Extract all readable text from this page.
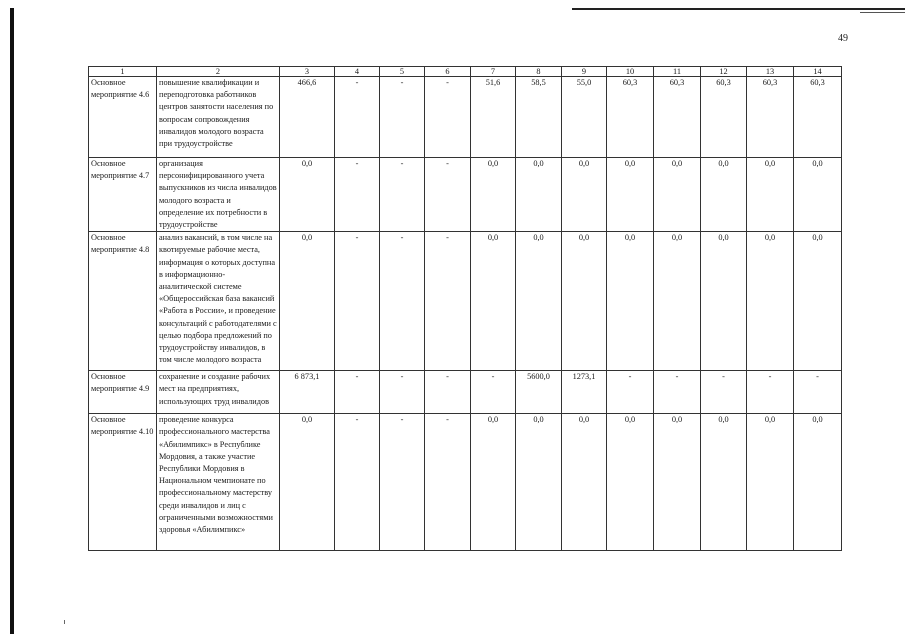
49
1	2	3	4	5	6	7	8	9	10	11	12	13	14
Основное мероприятие 4.6	повышение квалификации и переподготовка работников центров занятости населения по вопросам сопровождения инвалидов молодого возраста при трудоустройстве	466,6	-	-	-	51,6	58,5	55,0	60,3	60,3	60,3	60,3	60,3
Основное мероприятие 4.7	организация персонифицированного учета выпускников из числа инвалидов молодого возраста и определение их потребности в трудоустройстве	0,0	-	-	-	0,0	0,0	0,0	0,0	0,0	0,0	0,0	0,0
Основное мероприятие 4.8	анализ вакансий, в том числе на квотируемые рабочие места, информация о которых доступна в информационно-аналитической системе «Общероссийская база вакансий «Работа в России», и проведение консультаций с работодателями с целью подбора предложений по трудоустройству инвалидов, в том числе молодого возраста	0,0	-	-	-	0,0	0,0	0,0	0,0	0,0	0,0	0,0	0,0
Основное мероприятие 4.9	сохранение и создание рабочих мест на предприятиях, использующих труд инвалидов	6 873,1	-	-	-	-	5600,0	1273,1	-	-	-	-	-
Основное мероприятие 4.10	проведение конкурса профессионального мастерства «Абилимпикс» в Республике Мордовия, а также участие Республики Мордовия в Национальном чемпионате по профессиональному мастерству среди инвалидов и лиц с ограниченными возможностями здоровья «Абилимпикс»	0,0	-	-	-	0,0	0,0	0,0	0,0	0,0	0,0	0,0	0,0
